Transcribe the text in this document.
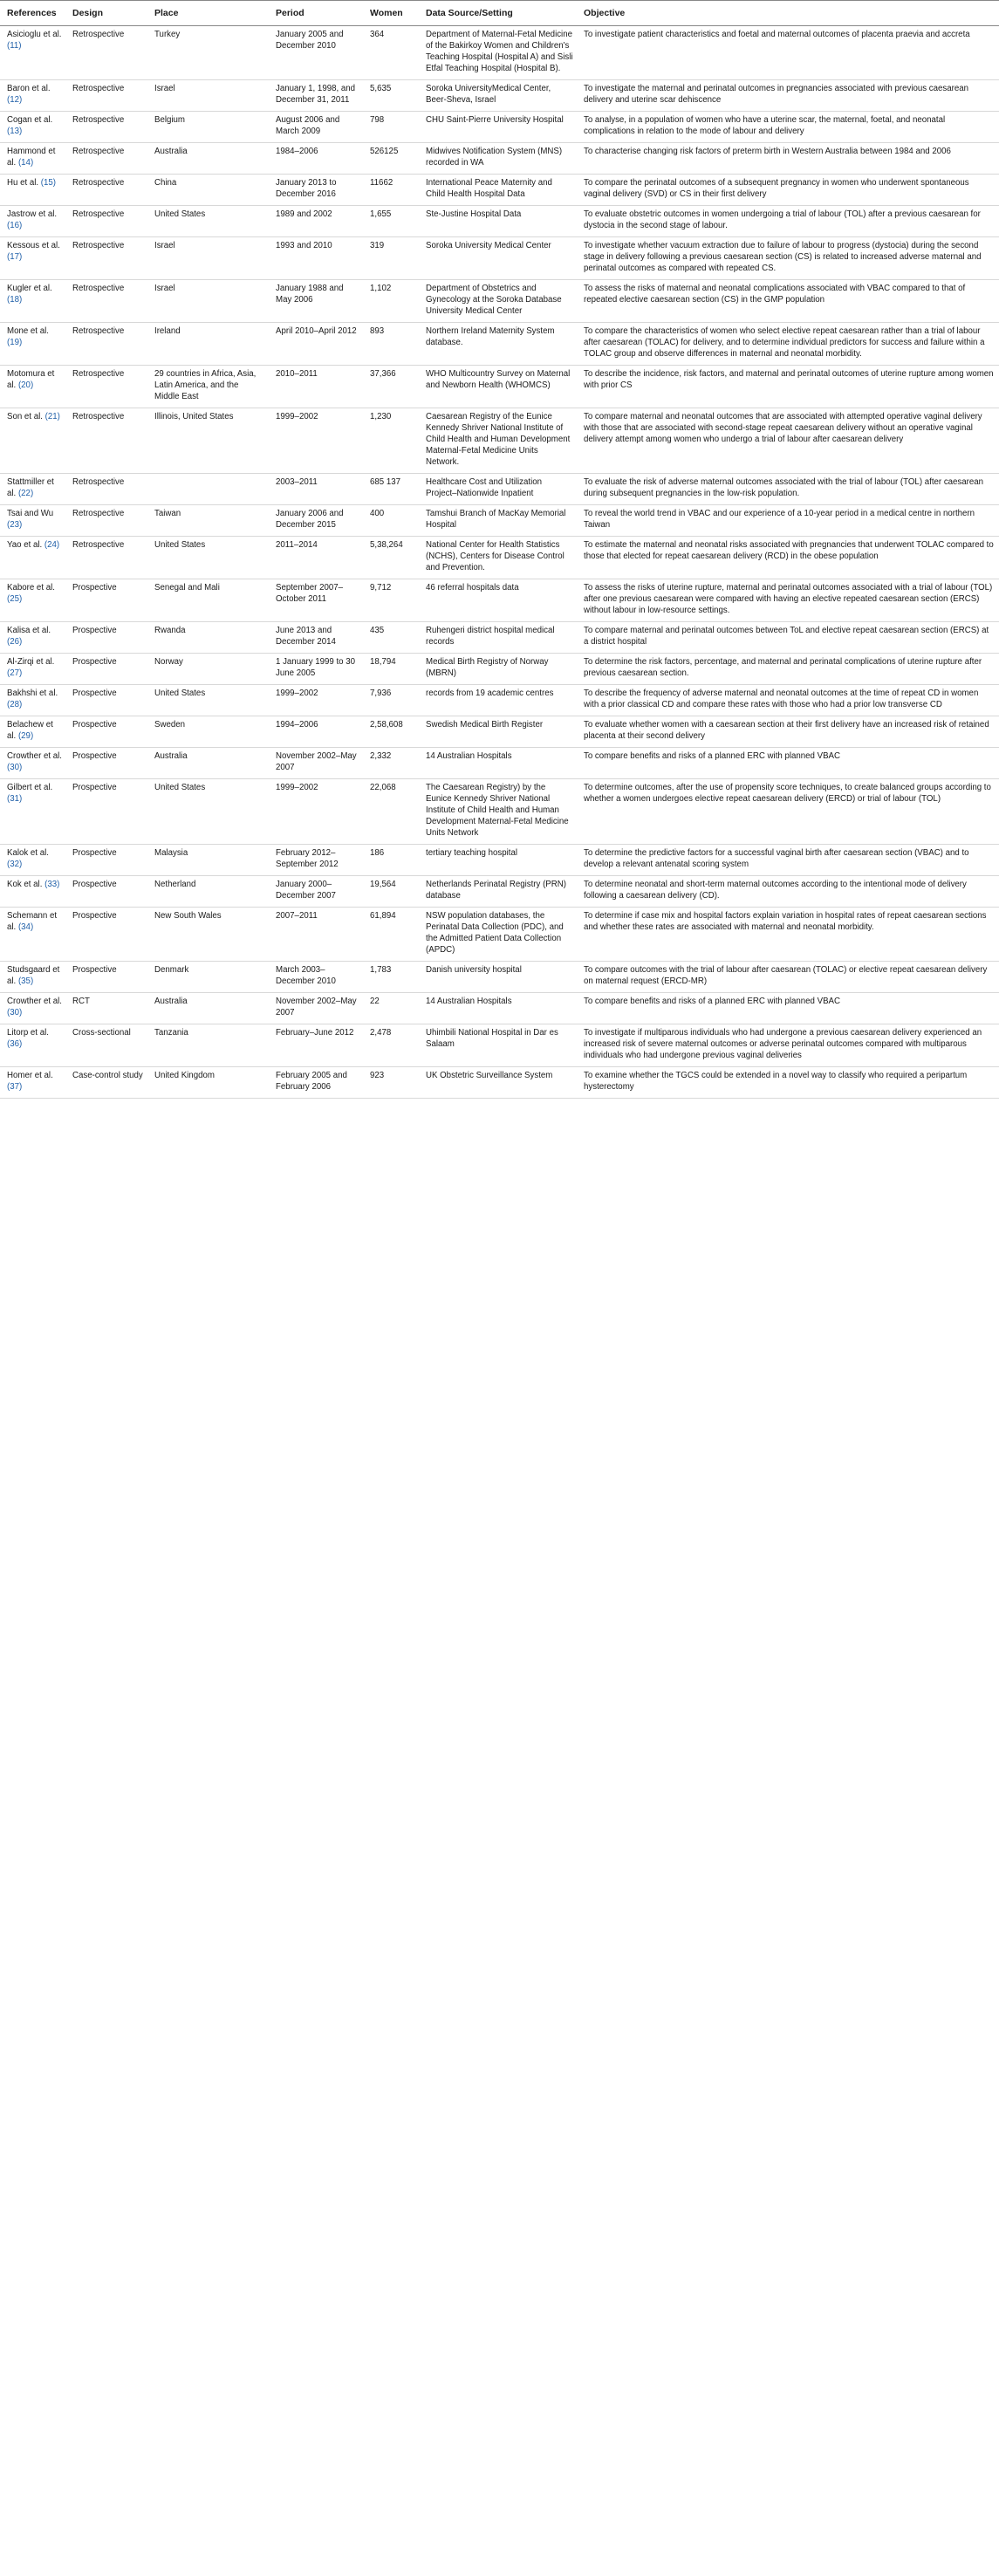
References	Design	Place	Period	Women	Data Source/Setting	Objective
Asicioglu et al. (11)	Retrospective	Turkey	January 2005 and December 2010	364	Department of Maternal-Fetal Medicine of the Bakirkoy Women and Children's Teaching Hospital (Hospital A) and Sisli Etfal Teaching Hospital (Hospital B).	To investigate patient characteristics and foetal and maternal outcomes of placenta praevia and accreta
Baron et al. (12)	Retrospective	Israel	January 1, 1998, and December 31, 2011	5,635	Soroka UniversityMedical Center, Beer-Sheva, Israel	To investigate the maternal and perinatal outcomes in pregnancies associated with previous caesarean delivery and uterine scar dehiscence
Cogan et al. (13)	Retrospective	Belgium	August 2006 and March 2009	798	CHU Saint-Pierre University Hospital	To analyse, in a population of women who have a uterine scar, the maternal, foetal, and neonatal complications in relation to the mode of labour and delivery
Hammond et al. (14)	Retrospective	Australia	1984–2006	526125	Midwives Notification System (MNS) recorded in WA	To characterise changing risk factors of preterm birth in Western Australia between 1984 and 2006
Hu et al. (15)	Retrospective	China	January 2013 to December 2016	11662	International Peace Maternity and Child Health Hospital Data	To compare the perinatal outcomes of a subsequent pregnancy in women who underwent spontaneous vaginal delivery (SVD) or CS in their first delivery
Jastrow et al. (16)	Retrospective	United States	1989 and 2002	1,655	Ste-Justine Hospital Data	To evaluate obstetric outcomes in women undergoing a trial of labour (TOL) after a previous caesarean for dystocia in the second stage of labour.
Kessous et al. (17)	Retrospective	Israel	1993 and 2010	319	Soroka University Medical Center	To investigate whether vacuum extraction due to failure of labour to progress (dystocia) during the second stage in delivery following a previous caesarean section (CS) is related to increased adverse maternal and perinatal outcomes as compared with repeated CS.
Kugler et al. (18)	Retrospective	Israel	January 1988 and May 2006	1,102	Department of Obstetrics and Gynecology at the Soroka Database University Medical Center	To assess the risks of maternal and neonatal complications associated with VBAC compared to that of repeated elective caesarean section (CS) in the GMP population
Mone et al. (19)	Retrospective	Ireland	April 2010–April 2012	893	Northern Ireland Maternity System database.	To compare the characteristics of women who select elective repeat caesarean rather than a trial of labour after caesarean (TOLAC) for delivery, and to determine individual predictors for success and failure within a TOLAC group and observe differences in maternal and neonatal morbidity.
Motomura et al. (20)	Retrospective	29 countries in Africa, Asia, Latin America, and the Middle East	2010–2011	37,366	WHO Multicountry Survey on Maternal and Newborn Health (WHOMCS)	To describe the incidence, risk factors, and maternal and perinatal outcomes of uterine rupture among women with prior CS
Son et al. (21)	Retrospective	Illinois, United States	1999–2002	1,230	Caesarean Registry of the Eunice Kennedy Shriver National Institute of Child Health and Human Development Maternal-Fetal Medicine Units Network.	To compare maternal and neonatal outcomes that are associated with attempted operative vaginal delivery with those that are associated with second-stage repeat caesarean delivery without an operative vaginal delivery attempt among women who undergo a trial of labour after caesarean delivery
Stattmiller et al. (22)	Retrospective		2003–2011	685 137	Healthcare Cost and Utilization Project–Nationwide Inpatient	To evaluate the risk of adverse maternal outcomes associated with the trial of labour (TOL) after caesarean during subsequent pregnancies in the low-risk population.
Tsai and Wu (23)	Retrospective	Taiwan	January 2006 and December 2015	400	Tamshui Branch of MacKay Memorial Hospital	To reveal the world trend in VBAC and our experience of a 10-year period in a medical centre in northern Taiwan
Yao et al. (24)	Retrospective	United States	2011–2014	5,38,264	National Center for Health Statistics (NCHS), Centers for Disease Control and Prevention.	To estimate the maternal and neonatal risks associated with pregnancies that underwent TOLAC compared to those that elected for repeat caesarean delivery (RCD) in the obese population
Kabore et al. (25)	Prospective	Senegal and Mali	September 2007–October 2011	9,712	46 referral hospitals data	To assess the risks of uterine rupture, maternal and perinatal outcomes associated with a trial of labour (TOL) after one previous caesarean were compared with having an elective repeated caesarean section (ERCS) without labour in low-resource settings.
Kalisa et al. (26)	Prospective	Rwanda	June 2013 and December 2014	435	Ruhengeri district hospital medical records	To compare maternal and perinatal outcomes between ToL and elective repeat caesarean section (ERCS) at a district hospital
Al-Zirqi et al. (27)	Prospective	Norway	1 January 1999 to 30 June 2005	18,794	Medical Birth Registry of Norway (MBRN)	To determine the risk factors, percentage, and maternal and perinatal complications of uterine rupture after previous caesarean section.
Bakhshi et al. (28)	Prospective	United States	1999–2002	7,936	records from 19 academic centres	To describe the frequency of adverse maternal and neonatal outcomes at the time of repeat CD in women with a prior classical CD and compare these rates with those who had a prior low transverse CD
Belachew et al. (29)	Prospective	Sweden	1994–2006	2,58,608	Swedish Medical Birth Register	To evaluate whether women with a caesarean section at their first delivery have an increased risk of retained placenta at their second delivery
Crowther et al. (30)	Prospective	Australia	November 2002–May 2007	2,332	14 Australian Hospitals	To compare benefits and risks of a planned ERC with planned VBAC
Gilbert et al. (31)	Prospective	United States	1999–2002	22,068	The Caesarean Registry) by the Eunice Kennedy Shriver National Institute of Child Health and Human Development Maternal-Fetal Medicine Units Network	To determine outcomes, after the use of propensity score techniques, to create balanced groups according to whether a women undergoes elective repeat caesarean delivery (ERCD) or trial of labour (TOL)
Kalok et al. (32)	Prospective	Malaysia	February 2012–September 2012	186	tertiary teaching hospital	To determine the predictive factors for a successful vaginal birth after caesarean section (VBAC) and to develop a relevant antenatal scoring system
Kok et al. (33)	Prospective	Netherland	January 2000–December 2007	19,564	Netherlands Perinatal Registry (PRN) database	To determine neonatal and short-term maternal outcomes according to the intentional mode of delivery following a caesarean delivery (CD).
Schemann et al. (34)	Prospective	New South Wales	2007–2011	61,894	NSW population databases, the Perinatal Data Collection (PDC), and the Admitted Patient Data Collection (APDC)	To determine if case mix and hospital factors explain variation in hospital rates of repeat caesarean sections and whether these rates are associated with maternal and neonatal morbidity.
Studsgaard et al. (35)	Prospective	Denmark	March 2003–December 2010	1,783	Danish university hospital	To compare outcomes with the trial of labour after caesarean (TOLAC) or elective repeat caesarean delivery on maternal request (ERCD-MR)
Crowther et al. (30)	RCT	Australia	November 2002–May 2007	22	14 Australian Hospitals	To compare benefits and risks of a planned ERC with planned VBAC
Litorp et al. (36)	Cross-sectional	Tanzania	February–June 2012	2,478	Uhimbili National Hospital in Dar es Salaam	To investigate if multiparous individuals who had undergone a previous caesarean delivery experienced an increased risk of severe maternal outcomes or adverse perinatal outcomes compared with multiparous individuals who had undergone previous vaginal deliveries
Homer et al. (37)	Case-control study	United Kingdom	February 2005 and February 2006	923	UK Obstetric Surveillance System	To examine whether the TGCS could be extended in a novel way to classify who required a peripartum hysterectomy
